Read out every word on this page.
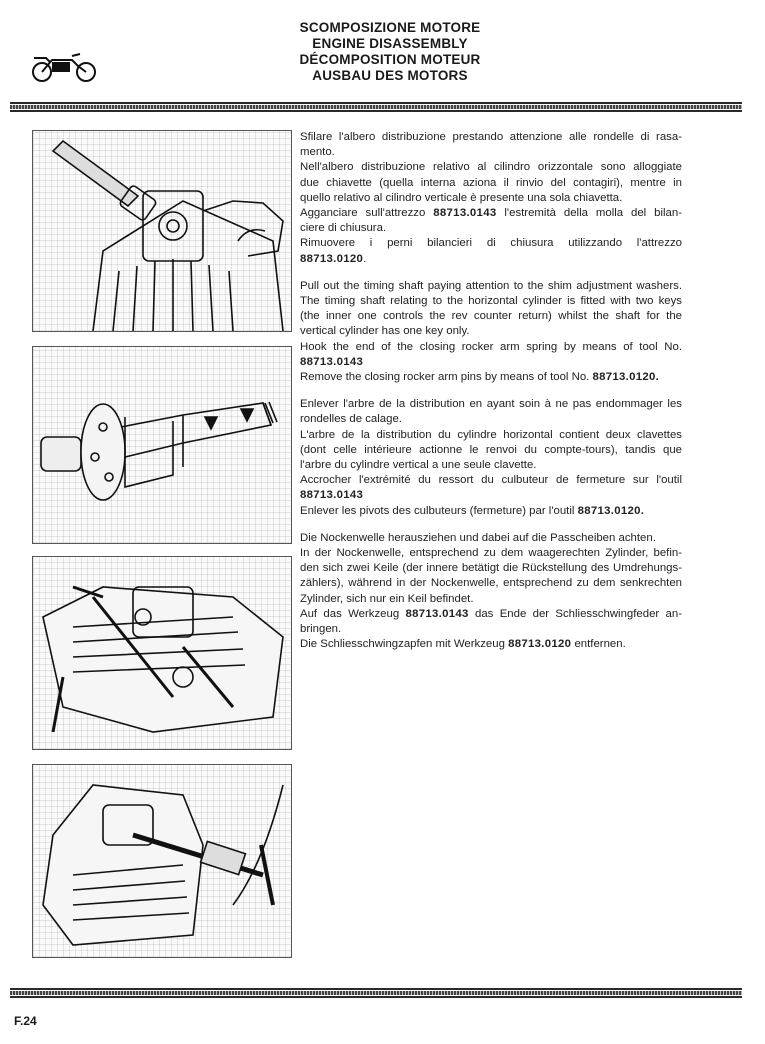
SCOMPOSIZIONE MOTORE
ENGINE DISASSEMBLY
DÉCOMPOSITION MOTEUR
AUSBAU DES MOTORS

Sfilare l'albero distribuzione prestando attenzione alle rondelle di rasa-
mento.
Nell'albero distribuzione relativo al cilindro orizzontale sono alloggiate
due chiavette (quella interna aziona il rinvio del contagiri), mentre in
quello relativo al cilindro verticale è presente una sola chiavetta.
Agganciare sull'attrezzo 88713.0143 l'estremità della molla del bilan-
ciere di chiusura.
Rimuovere i perni bilancieri di chiusura utilizzando l'attrezzo
88713.0120.

Pull out the timing shaft paying attention to the shim adjustment washers.
The timing shaft relating to the horizontal cylinder is fitted with two keys
(the inner one controls the rev counter return) whilst the shaft for the
vertical cylinder has one key only.
Hook the end of the closing rocker arm spring by means of tool No.
88713.0143
Remove the closing rocker arm pins by means of tool No. 88713.0120.

Enlever l'arbre de la distribution en ayant soin à ne pas endommager les
rondelles de calage.
L'arbre de la distribution du cylindre horizontal contient deux clavettes
(dont celle intérieure actionne le renvoi du compte-tours), tandis que
l'arbre du cylindre vertical a une seule clavette.
Accrocher l'extrémité du ressort du culbuteur de fermeture sur l'outil
88713.0143
Enlever les pivots des culbuteurs (fermeture) par l'outil 88713.0120.

Die Nockenwelle herausziehen und dabei auf die Passcheiben achten.
In der Nockenwelle, entsprechend zu dem waagerechten Zylinder, befin-
den sich zwei Keile (der innere betätigt die Rückstellung des Umdrehungs-
zählers), während in der Nockenwelle, entsprechend zu dem senkrechten
Zylinder, sich nur ein Keil befindet.
Auf das Werkzeug 88713.0143 das Ende der Schliesschwingfeder an-
bringen.
Die Schliesschwingzapfen mit Werkzeug 88713.0120 entfernen.

F.24
